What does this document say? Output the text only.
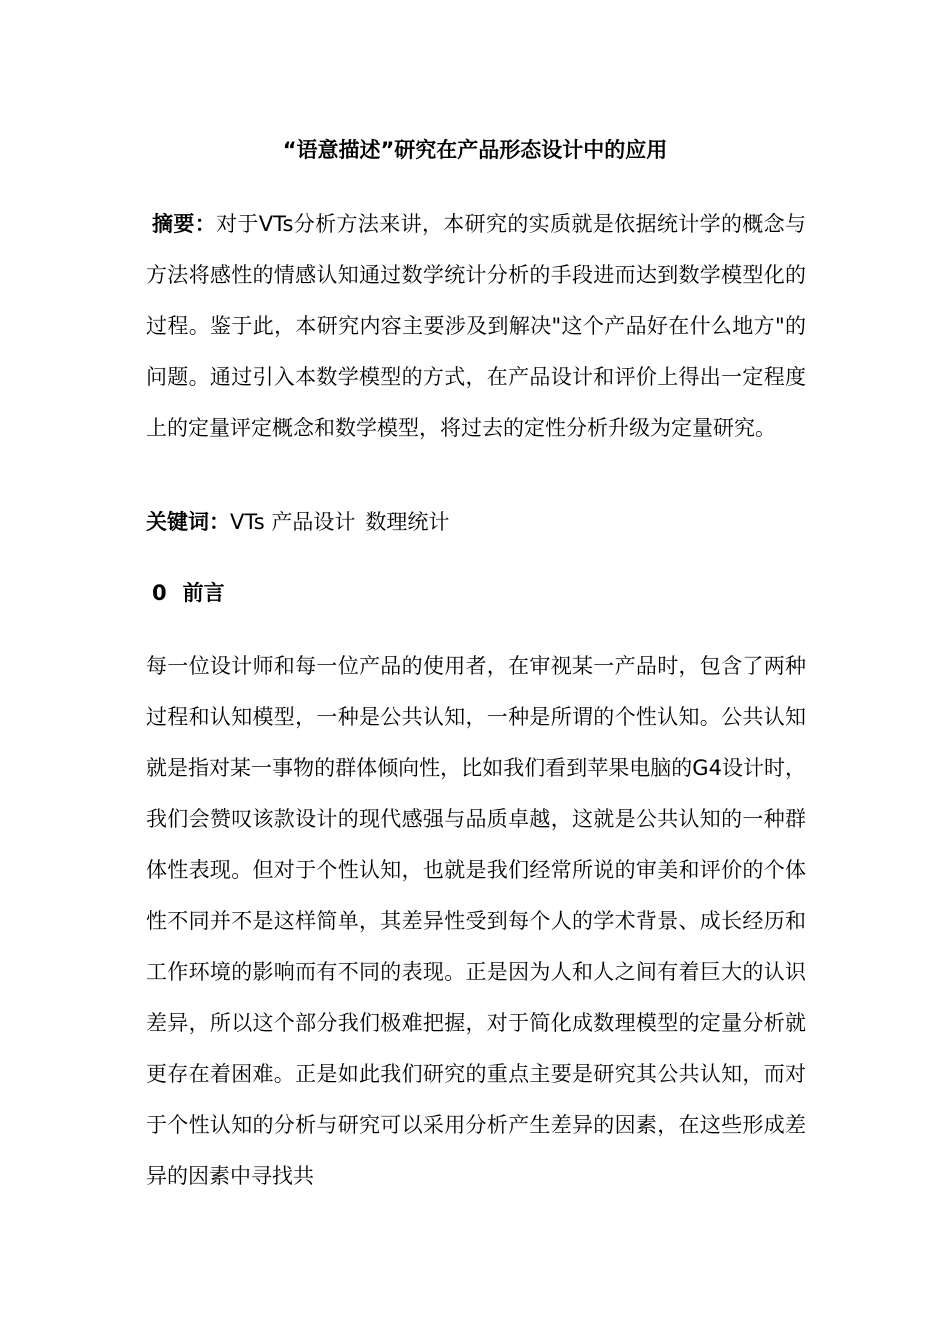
“语意描述”研究在产品形态设计中的应用

摘要：对于VTs分析方法来讲，本研究的实质就是依据统计学的概念与方法将感性的情感认知通过数学统计分析的手段进而达到数学模型化的过程。鉴于此，本研究内容主要涉及到解决"这个产品好在什么地方"的问题。通过引入本数学模型的方式，在产品设计和评价上得出一定程度上的定量评定概念和数学模型，将过去的定性分析升级为定量研究。

关键词：VTs 产品设计 数理统计

0 前言

每一位设计师和每一位产品的使用者，在审视某一产品时，包含了两种过程和认知模型，一种是公共认知，一种是所谓的个性认知。公共认知就是指对某一事物的群体倾向性，比如我们看到苹果电脑的G4设计时，我们会赞叹该款设计的现代感强与品质卓越，这就是公共认知的一种群体性表现。但对于个性认知，也就是我们经常所说的审美和评价的个体性不同并不是这样简单，其差异性受到每个人的学术背景、成长经历和工作环境的影响而有不同的表现。正是因为人和人之间有着巨大的认识差异，所以这个部分我们极难把握，对于简化成数理模型的定量分析就更存在着困难。正是如此我们研究的重点主要是研究其公共认知，而对于个性认知的分析与研究可以采用分析产生差异的因素，在这些形成差异的因素中寻找共
